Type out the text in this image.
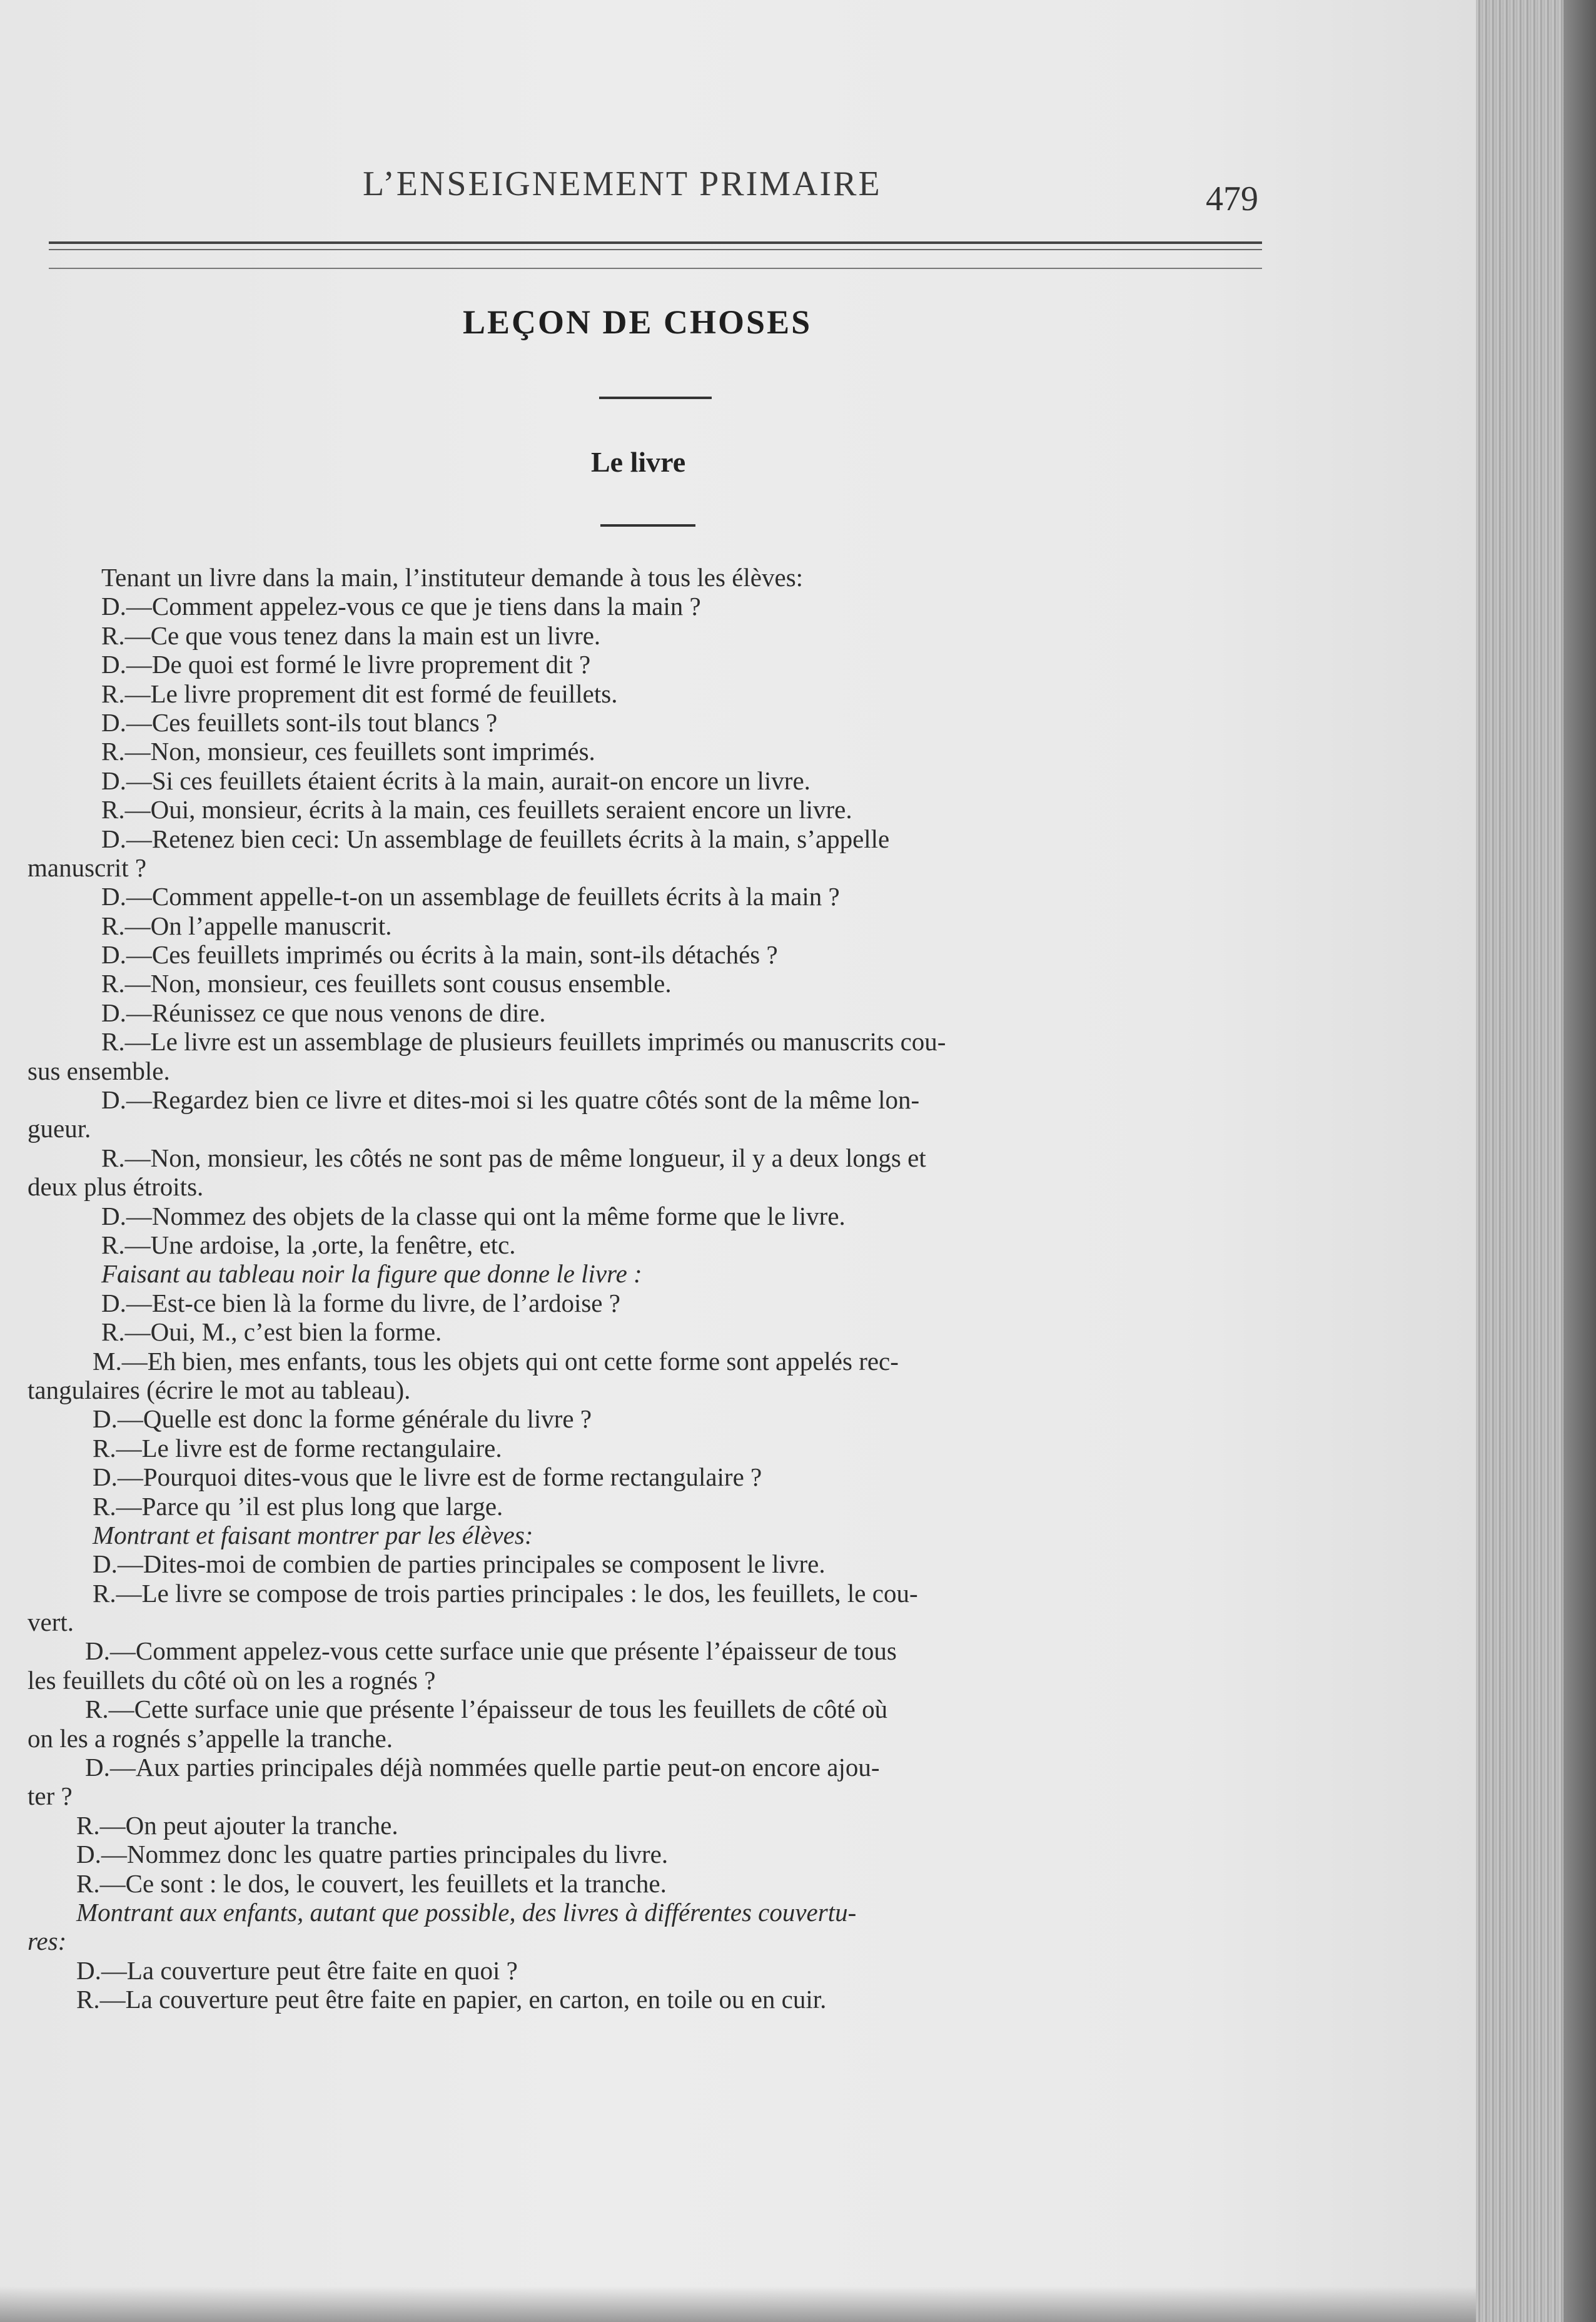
L’ENSEIGNEMENT PRIMAIRE	479
LEÇON DE CHOSES
Le livre
Tenant un livre dans la main, l’instituteur demande à tous les élèves:
D.—Comment appelez-vous ce que je tiens dans la main ?
R.—Ce que vous tenez dans la main est un livre.
D.—De quoi est formé le livre proprement dit ?
R.—Le livre proprement dit est formé de feuillets.
D.—Ces feuillets sont-ils tout blancs ?
R.—Non, monsieur, ces feuillets sont imprimés.
D.—Si ces feuillets étaient écrits à la main, aurait-on encore un livre.
R.—Oui, monsieur, écrits à la main, ces feuillets seraient encore un livre.
D.—Retenez bien ceci: Un assemblage de feuillets écrits à la main, s’appelle
manuscrit ?
D.—Comment appelle-t-on un assemblage de feuillets écrits à la main ?
R.—On l’appelle manuscrit.
D.—Ces feuillets imprimés ou écrits à la main, sont-ils détachés ?
R.—Non, monsieur, ces feuillets sont cousus ensemble.
D.—Réunissez ce que nous venons de dire.
R.—Le livre est un assemblage de plusieurs feuillets imprimés ou manuscrits cou-
sus ensemble.
D.—Regardez bien ce livre et dites-moi si les quatre côtés sont de la même lon-
gueur.
R.—Non, monsieur, les côtés ne sont pas de même longueur, il y a deux longs et
deux plus étroits.
D.—Nommez des objets de la classe qui ont la même forme que le livre.
R.—Une ardoise, la ,orte, la fenêtre, etc.
Faisant au tableau noir la figure que donne le livre :
D.—Est-ce bien là la forme du livre, de l’ardoise ?
R.—Oui, M., c’est bien la forme.
M.—Eh bien, mes enfants, tous les objets qui ont cette forme sont appelés rec-
tangulaires (écrire le mot au tableau).
D.—Quelle est donc la forme générale du livre ?
R.—Le livre est de forme rectangulaire.
D.—Pourquoi dites-vous que le livre est de forme rectangulaire ?
R.—Parce qu ’il est plus long que large.
Montrant et faisant montrer par les élèves:
D.—Dites-moi de combien de parties principales se composent le livre.
R.—Le livre se compose de trois parties principales : le dos, les feuillets, le cou-
vert.
D.—Comment appelez-vous cette surface unie que présente l’épaisseur de tous
les feuillets du côté où on les a rognés ?
R.—Cette surface unie que présente l’épaisseur de tous les feuillets de côté où
on les a rognés s’appelle la tranche.
D.—Aux parties principales déjà nommées quelle partie peut-on encore ajou-
ter ?
R.—On peut ajouter la tranche.
D.—Nommez donc les quatre parties principales du livre.
R.—Ce sont : le dos, le couvert, les feuillets et la tranche.
Montrant aux enfants, autant que possible, des livres à différentes couvertu-
res:
D.—La couverture peut être faite en quoi ?
R.—La couverture peut être faite en papier, en carton, en toile ou en cuir.
